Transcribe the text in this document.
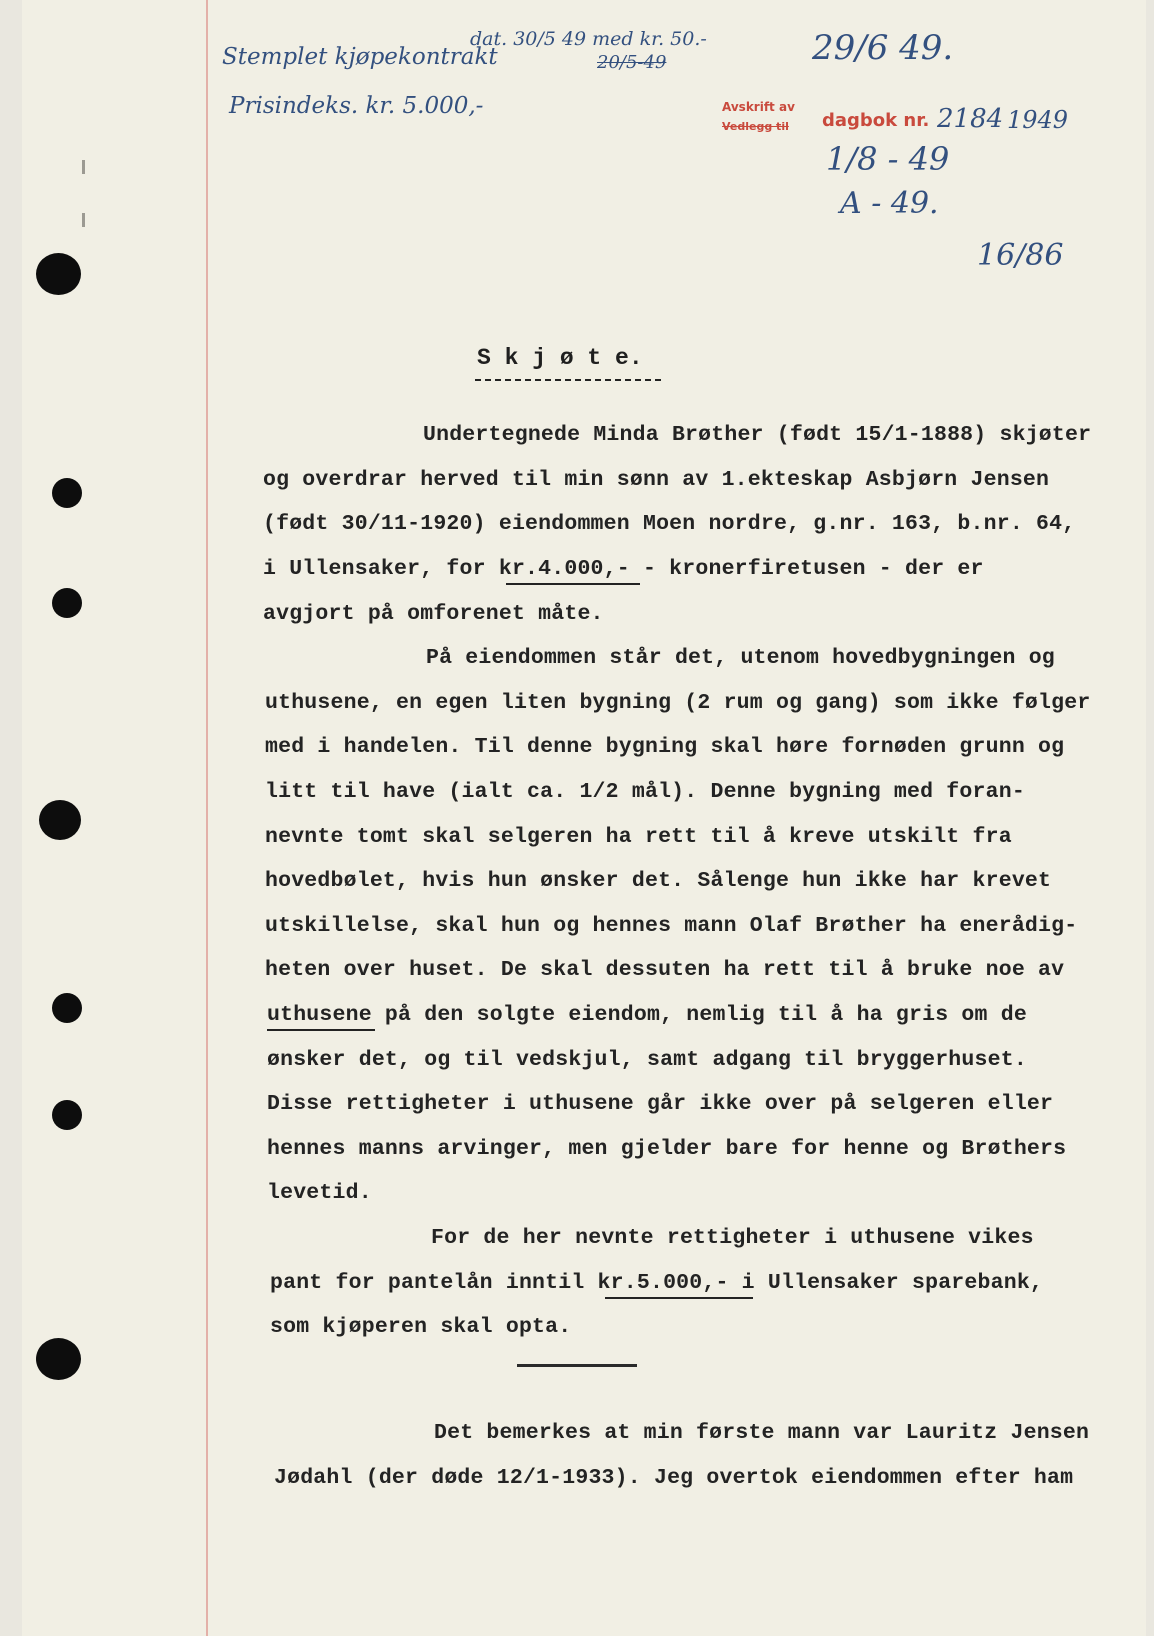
Stemplet kjøpekontrakt
dat. 30/5 49 med kr. 50.-
20/5-49	29/6 49.
Prisindeks. kr. 5.000,-	Avskrift av
Vedlegg til dagbok nr. 2184 1949
1/8 - 49
A - 49.
16/86
S k j ø t e.
Undertegnede Minda Brøther (født 15/1-1888) skjøter
og overdrar herved til min sønn av 1.ekteskap Asbjørn Jensen
(født 30/11-1920) eiendommen Moen nordre, g.nr. 163, b.nr. 64,
i Ullensaker, for kr.4.000,- - kronerfiretusen - der er
avgjort på omforenet måte.
På eiendommen står det, utenom hovedbygningen og
uthusene, en egen liten bygning (2 rum og gang) som ikke følger
med i handelen. Til denne bygning skal høre fornøden grunn og
litt til have (ialt ca. 1/2 mål). Denne bygning med foran-
nevnte tomt skal selgeren ha rett til å kreve utskilt fra
hovedbølet, hvis hun ønsker det. Sålenge hun ikke har krevet
utskillelse, skal hun og hennes mann Olaf Brøther ha enerådig-
heten over huset. De skal dessuten ha rett til å bruke noe av
uthusene på den solgte eiendom, nemlig til å ha gris om de
ønsker det, og til vedskjul, samt adgang til bryggerhuset.
Disse rettigheter i uthusene går ikke over på selgeren eller
hennes manns arvinger, men gjelder bare for henne og Brøthers
levetid.
For de her nevnte rettigheter i uthusene vikes
pant for pantelån inntil kr.5.000,- i Ullensaker sparebank,
som kjøperen skal opta.
Det bemerkes at min første mann var Lauritz Jensen
Jødahl (der døde 12/1-1933). Jeg overtok eiendommen efter ham
